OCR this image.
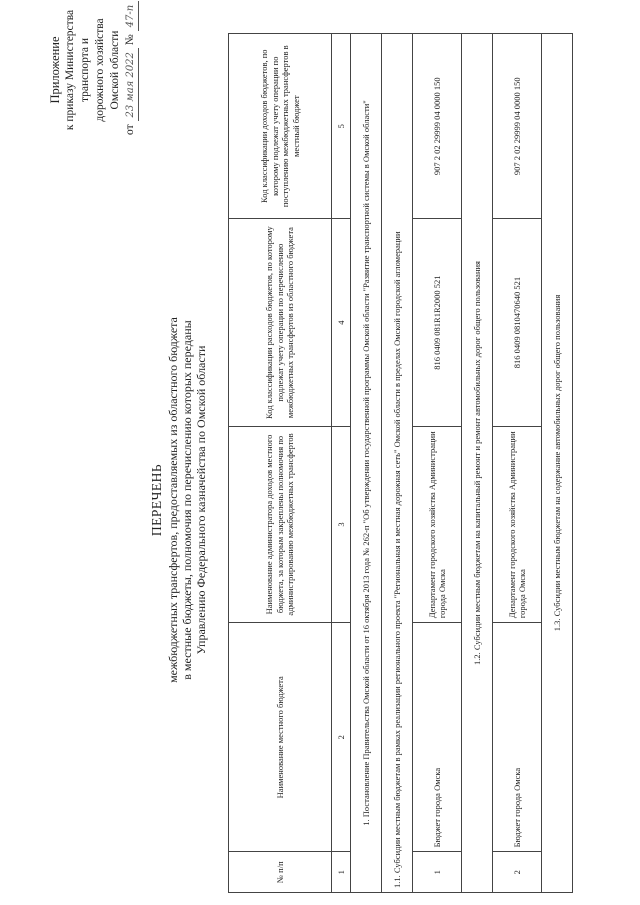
Приложение к приказу Министерства транспорта и дорожного хозяйства Омской области
от 23 мая 2022 № 47-п
ПЕРЕЧЕНЬ межбюджетных трансфертов, предоставляемых из областного бюджета в местные бюджеты, полномочия по перечислению которых переданы Управлению Федерального казначейства по Омской области
№ п/п	Наименование местного бюджета	Наименование администратора доходов местного бюджета, за которым закреплены полномочия по администрированию межбюджетных трансфертов	Код классификации расходов бюджетов, по которому подлежат учету операции по перечислению межбюджетных трансфертов из областного бюджета	Код классификации доходов бюджетов, по которому подлежат учету операции по поступлению межбюджетных трансфертов в местный бюджет
1	2	3	4	5
1. Постановление Правительства Омской области от 16 октября 2013 года № 262-п "Об утверждении государственной программы Омской области "Развитие транспортной системы в Омской области"				
1.1. Субсидии местным бюджетам в рамках реализации регионального проекта "Региональная и местная дорожная сеть" Омской области в пределах Омской городской агломерации				
1	Бюджет города Омска	Департамент городского хозяйства Администрации города Омска	816 0409 081R1R2000 521	907 2 02 29999 04 0000 150
1.2. Субсидии местным бюджетам на капитальный ремонт и ремонт автомобильных дорог общего пользования				
2	Бюджет города Омска	Департамент городского хозяйства Администрации города Омска	816 0409 0810470640 521	907 2 02 29999 04 0000 150
1.3. Субсидии местным бюджетам на содержание автомобильных дорог общего пользования				
